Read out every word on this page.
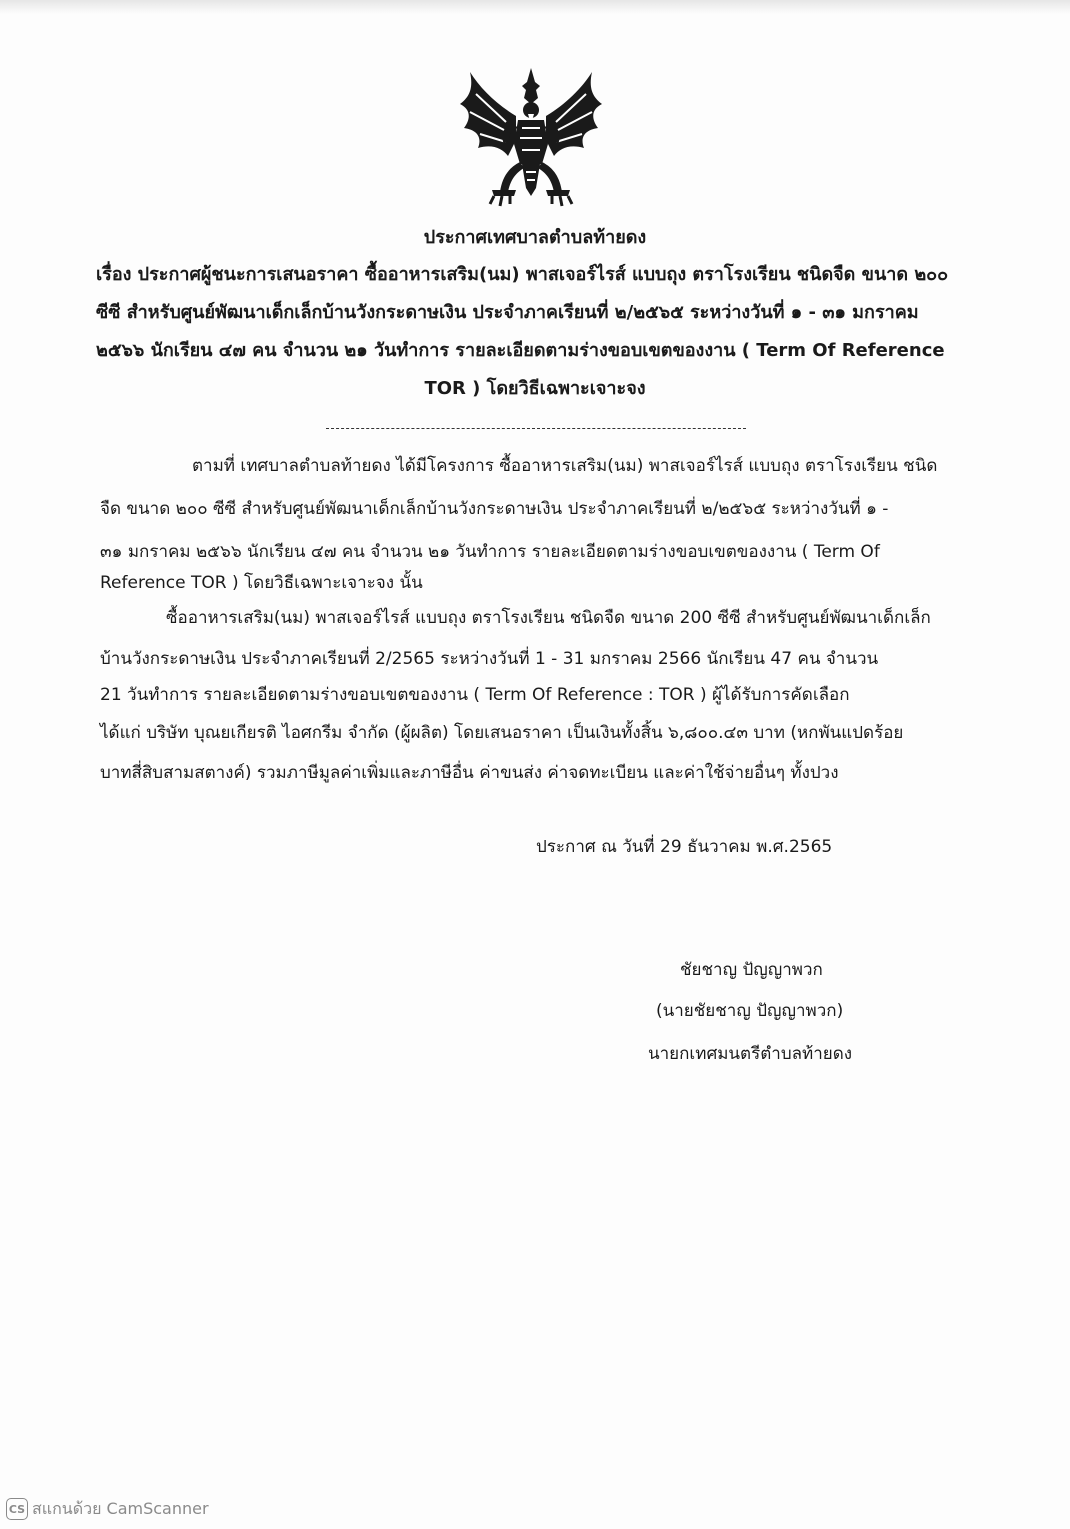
ประกาศเทศบาลตำบลท้ายดง
เรื่อง ประกาศผู้ชนะการเสนอราคา ซื้ออาหารเสริม(นม) พาสเจอร์ไรส์ แบบถุง ตราโรงเรียน ชนิดจืด ขนาด ๒๐๐
ซีซี สำหรับศูนย์พัฒนาเด็กเล็กบ้านวังกระดาษเงิน ประจำภาคเรียนที่ ๒/๒๕๖๕ ระหว่างวันที่ ๑ - ๓๑ มกราคม
๒๕๖๖ นักเรียน ๔๗ คน จำนวน ๒๑ วันทำการ รายละเอียดตามร่างขอบเขตของงาน ( Term Of Reference
TOR ) โดยวิธีเฉพาะเจาะจง
ตามที่ เทศบาลตำบลท้ายดง ได้มีโครงการ ซื้ออาหารเสริม(นม) พาสเจอร์ไรส์ แบบถุง ตราโรงเรียน ชนิด
จืด ขนาด ๒๐๐ ซีซี สำหรับศูนย์พัฒนาเด็กเล็กบ้านวังกระดาษเงิน ประจำภาคเรียนที่ ๒/๒๕๖๕ ระหว่างวันที่ ๑ -
๓๑ มกราคม ๒๕๖๖ นักเรียน ๔๗ คน จำนวน ๒๑ วันทำการ รายละเอียดตามร่างขอบเขตของงาน ( Term Of
Reference TOR ) โดยวิธีเฉพาะเจาะจง นั้น
ซื้ออาหารเสริม(นม) พาสเจอร์ไรส์ แบบถุง ตราโรงเรียน ชนิดจืด ขนาด 200 ซีซี สำหรับศูนย์พัฒนาเด็กเล็ก
บ้านวังกระดาษเงิน ประจำภาคเรียนที่ 2/2565 ระหว่างวันที่ 1 - 31 มกราคม 2566 นักเรียน 47 คน จำนวน
21 วันทำการ รายละเอียดตามร่างขอบเขตของงาน ( Term Of Reference : TOR ) ผู้ได้รับการคัดเลือก
ได้แก่ บริษัท บุณยเกียรติ ไอศกรีม จำกัด (ผู้ผลิต) โดยเสนอราคา เป็นเงินทั้งสิ้น ๖,๘๐๐.๔๓ บาท (หกพันแปดร้อย
บาทสี่สิบสามสตางค์) รวมภาษีมูลค่าเพิ่มและภาษีอื่น ค่าขนส่ง ค่าจดทะเบียน และค่าใช้จ่ายอื่นๆ ทั้งปวง
ประกาศ ณ วันที่ 29 ธันวาคม พ.ศ.2565
ชัยชาญ ปัญญาพวก
(นายชัยชาญ ปัญญาพวก)
นายกเทศมนตรีตำบลท้ายดง
CS สแกนด้วย CamScanner
